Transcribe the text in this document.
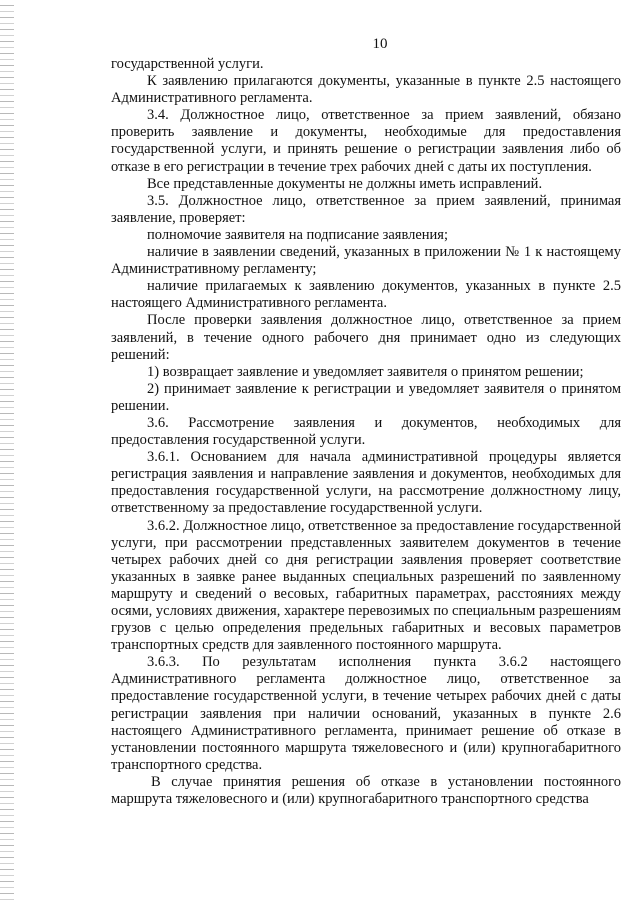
10

государственной услуги.

К заявлению прилагаются документы, указанные в пункте 2.5 настоящего Административного регламента.

3.4. Должностное лицо, ответственное за прием заявлений, обязано проверить заявление и документы, необходимые для предоставления государственной услуги, и принять решение о регистрации заявления либо об отказе в его регистрации в течение трех рабочих дней с даты их поступления.

Все представленные документы не должны иметь исправлений.

3.5. Должностное лицо, ответственное за прием заявлений, принимая заявление, проверяет:

полномочие заявителя на подписание заявления;

наличие в заявлении сведений, указанных в приложении № 1 к настоящему Административному регламенту;

наличие прилагаемых к заявлению документов, указанных в пункте 2.5 настоящего Административного регламента.

После проверки заявления должностное лицо, ответственное за прием заявлений, в течение одного рабочего дня принимает одно из следующих решений:

1) возвращает заявление и уведомляет заявителя о принятом решении;

2) принимает заявление к регистрации и уведомляет заявителя о принятом решении.

3.6. Рассмотрение заявления и документов, необходимых для предоставления государственной услуги.

3.6.1. Основанием для начала административной процедуры является регистрация заявления и направление заявления и документов, необходимых для предоставления государственной услуги, на рассмотрение должностному лицу, ответственному за предоставление государственной услуги.

3.6.2. Должностное лицо, ответственное за предоставление государственной услуги, при рассмотрении представленных заявителем документов в течение четырех рабочих дней со дня регистрации заявления проверяет соответствие указанных в заявке ранее выданных специальных разрешений по заявленному маршруту и сведений о весовых, габаритных параметрах, расстояниях между осями, условиях движения, характере перевозимых по специальным разрешениям грузов с целью определения предельных габаритных и весовых параметров транспортных средств для заявленного постоянного маршрута.

3.6.3. По результатам исполнения пункта 3.6.2 настоящего Административного регламента должностное лицо, ответственное за предоставление государственной услуги, в течение четырех рабочих дней с даты регистрации заявления при наличии оснований, указанных в пункте 2.6 настоящего Административного регламента, принимает решение об отказе в установлении постоянного маршрута тяжеловесного и (или) крупногабаритного транспортного средства.

В случае принятия решения об отказе в установлении постоянного маршрута тяжеловесного и (или) крупногабаритного транспортного средства
